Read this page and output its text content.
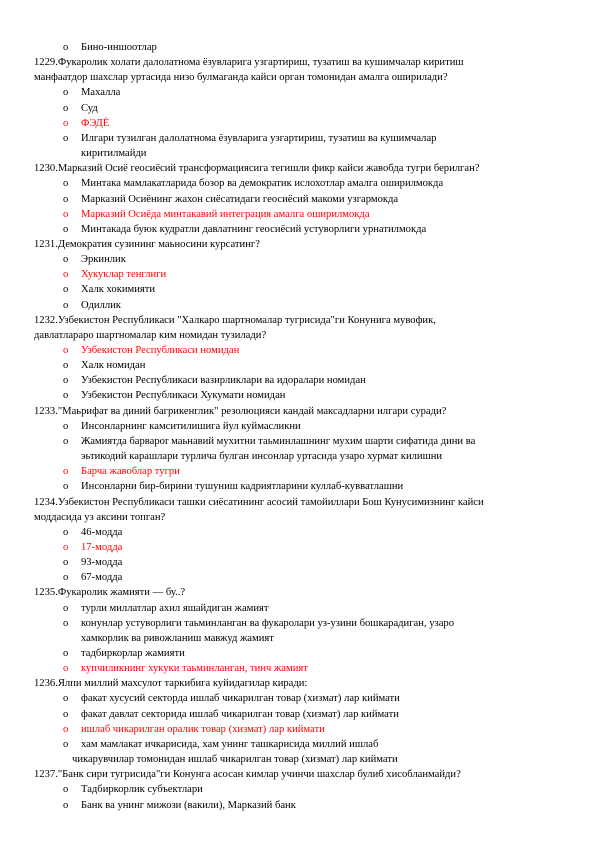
o Бино-иншоотлар
1229.Фукаролик холати далолатнома ёзувларига узгартириш, тузатиш ва кушимчалар киритиш
манфаатдор шахслар уртасида низо булмаганда кайси орган томонидан амалга оширилади?
o Махалла
o Суд
o ФЭДЁ
o Илгари тузилган далолатнома ёзувларига узгартириш, тузатиш ва кушимчалар
киритилмайди
1230.Марказий Осиё геосиёсий трансформациясига тегишли фикр кайси жавобда тугри берилган?
o Минтака мамлакатларида бозор ва демократик ислохотлар амалга оширилмокда
o Марказий Осиёнинг жахон сиёсатидаги геосиёсий макоми узгармокда
o Марказий Осиёда минтакавий интеграция амалга оширилмокда
o Минтакада буюк кудратли давлатнинг геосиёсий устуворлиги урнатилмокда
1231.Демократия сузининг маьносини курсатинг?
o Эркинлик
o Хукуклар тенглиги
o Халк хокимияти
o Одиллик
1232.Узбекистон Республикаси "Халкаро шартномалар тугрисида"ги Конунига мувофик,
давлатлараро шартномалар ким номидан тузилади?
o Узбекистон Республикаси номидан
o Халк номидан
o Узбекистон Республикаси вазирликлари ва идоралари номидан
o Узбекистон Республикаси Хукумати номидан
1233."Маьрифат ва диний багрикенглик" резолюцияси кандай максадларни илгари суради?
o Инсонларнинг камситилишига йул куймасликни
o Жамиятда барвароr маьнавий мухитни таьминлашнинг мухим шарти сифатида дини ва
эьтикодий карашлари турлича булган инсонлар уртасида узаро хурмат килишни
o Барча жавоблар тугри
o Инсонларни бир-бирини тушуниш кадриятларини куллаб-кувватлашни
1234.Узбекистон Республикаси ташки сиёсатининг асосий тамойиллари Бош Кунусимизнинг кайси
моддасида уз аксини топган?
o 46-модда
o 17-модда
o 93-модда
o 67-модда
1235.Фукаролик жамияти — бу..?
o турли миллатлар ахил яшайдиган жамият
o конунлар устуворлиги таьминланган ва фукаролари уз-узини бошкарадиган, узаро
хамкорлик ва ривожланиш мавжуд жамият
o тадбиркорлар жамияти
o купчиликнинг хукуки таьминланган, тинч жамият
1236.Ялпи миллий махсулот таркибига куйидагилар киради:
o факат хусусий секторда ишлаб чикарилган товар (хизмат) лар киймати
o факат давлат секторида ишлаб чикарилган товар (хизмат) лар киймати
o ишлаб чикарилган оралик товар (хизмат) лар киймати
o хам мамлакат ичкарисида, хам унинг ташкарисида миллий ишлаб
чикарувчилар томонидан ишлаб чикарилган товар (хизмат) лар киймати
1237."Банк сири тугрисида"ги Конунга асосан кимлар учинчи шахслар булиб хисобланмайди?
o Тадбиркорлик субъектлари
o Банк ва унинг мижози (вакили), Марказий банк
